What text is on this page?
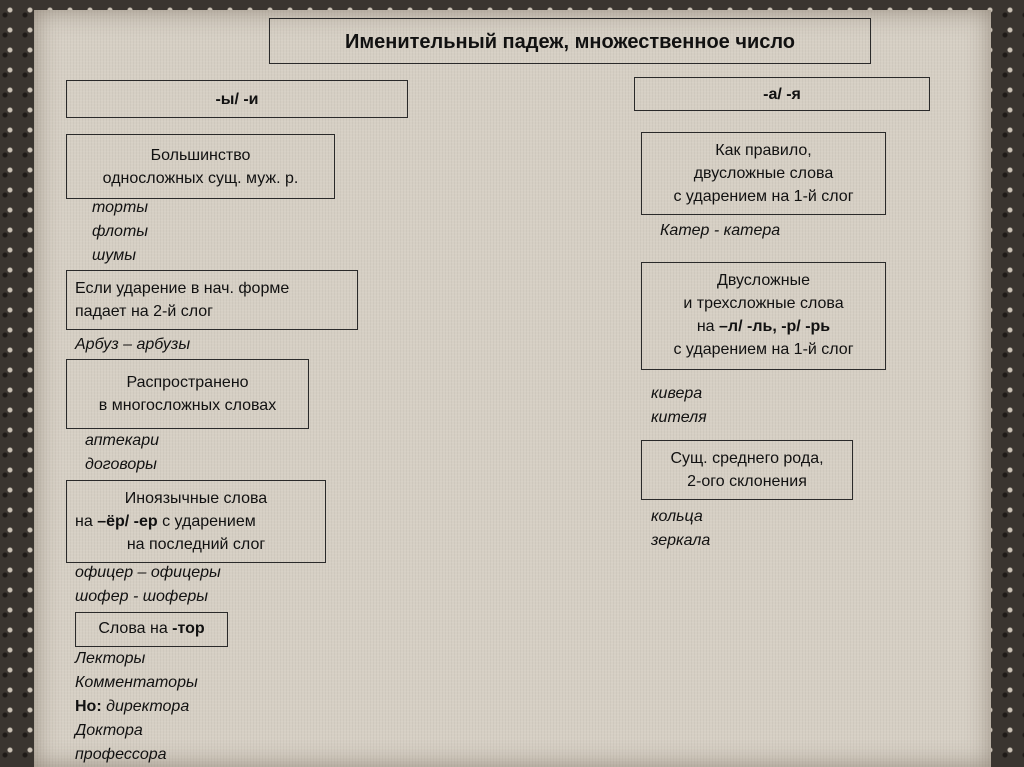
Именительный падеж, множественное число
-ы/ -и	-а/ -я
Большинство
односложных сущ. муж. р.
торты
флоты
шумы
Если ударение в нач. форме
падает на 2-й слог
Арбуз – арбузы
Распространено
в многосложных словах
аптекари
договоры
Иноязычные слова
на –ёр/ -ер с ударением
на последний слог
офицер – офицеры
шофер - шоферы
Слова на -тор
Лекторы
Комментаторы
Но: директора
Доктора
профессора
Как правило,
двусложные слова
с ударением на 1-й слог
Катер - катера
Двусложные
и трехсложные слова
на –л/ -ль, -р/ -рь
с ударением на 1-й слог
кивера
кителя
Сущ. среднего рода,
2-ого склонения
кольца
зеркала
